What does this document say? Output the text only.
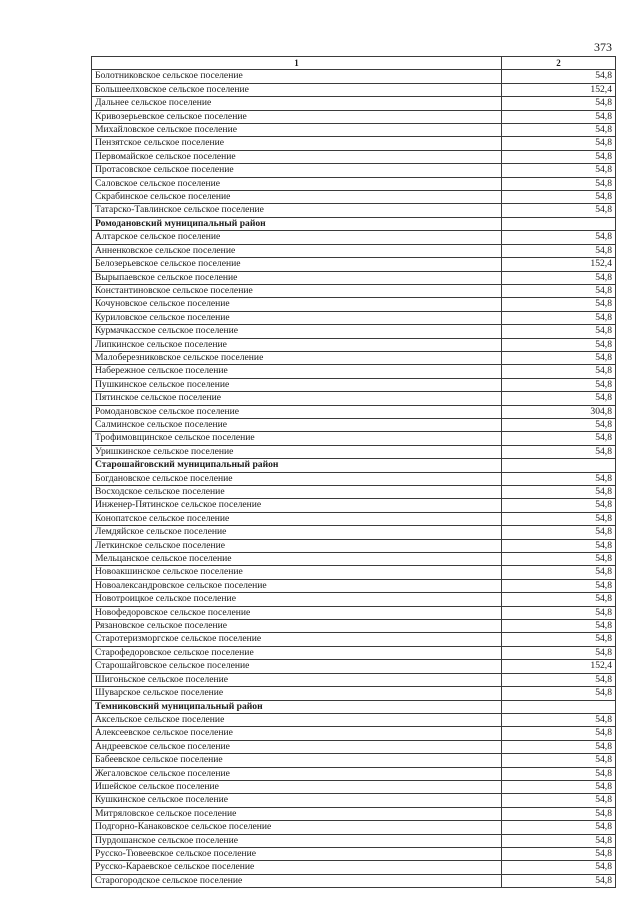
373
1	2
Болотниковское сельское поселение	54,8
Большеелховское сельское поселение	152,4
Дальнее сельское поселение	54,8
Кривозерьевское сельское поселение	54,8
Михайловское сельское поселение	54,8
Пензятское сельское поселение	54,8
Первомайское сельское поселение	54,8
Протасовское сельское поселение	54,8
Саловское сельское поселение	54,8
Скрабинское сельское поселение	54,8
Татарско-Тавлинское сельское поселение	54,8
Ромодановский муниципальный район	
Алтарское сельское поселение	54,8
Анненковское сельское поселение	54,8
Белозерьевское сельское поселение	152,4
Вырыпаевское сельское поселение	54,8
Константиновское сельское поселение	54,8
Кочуновское сельское поселение	54,8
Куриловское сельское поселение	54,8
Курмачкасское сельское поселение	54,8
Липкинское сельское поселение	54,8
Малоберезниковское сельское поселение	54,8
Набережное сельское поселение	54,8
Пушкинское сельское поселение	54,8
Пятинское сельское поселение	54,8
Ромодановское сельское поселение	304,8
Салминское сельское поселение	54,8
Трофимовщинское сельское поселение	54,8
Уришкинское сельское поселение	54,8
Старошайговский муниципальный район	
Богдановское сельское поселение	54,8
Восходское сельское поселение	54,8
Инженер-Пятинское сельское поселение	54,8
Конопатское сельское поселение	54,8
Лемдяйское сельское поселение	54,8
Леткинское сельское поселение	54,8
Мельцанское сельское поселение	54,8
Новоакшинское сельское поселение	54,8
Новоалександровское сельское поселение	54,8
Новотроицкое сельское поселение	54,8
Новофедоровское сельское поселение	54,8
Рязановское сельское поселение	54,8
Старотеризморгское сельское поселение	54,8
Старофедоровское сельское поселение	54,8
Старошайговское сельское поселение	152,4
Шигоньское сельское поселение	54,8
Шуварское сельское поселение	54,8
Темниковский муниципальный район	
Аксельское сельское поселение	54,8
Алексеевское сельское поселение	54,8
Андреевское сельское поселение	54,8
Бабеевское сельское поселение	54,8
Жегаловское сельское поселение	54,8
Ишейское сельское поселение	54,8
Кушкинское сельское поселение	54,8
Митряловское сельское поселение	54,8
Подгорно-Канаковское сельское поселение	54,8
Пурдошанское сельское поселение	54,8
Русско-Тювеевское сельское поселение	54,8
Русско-Караевское сельское поселение	54,8
Старогородское сельское поселение	54,8
